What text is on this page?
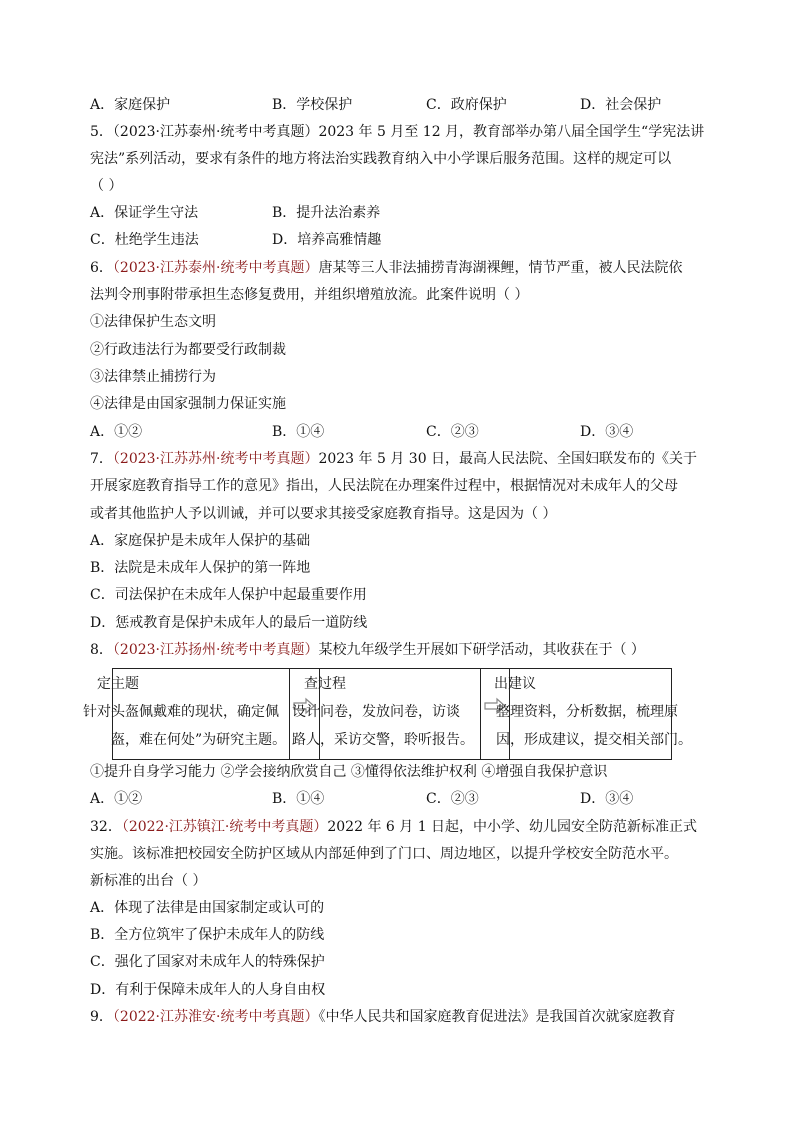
A．家庭保护	B．学校保护	C．政府保护	D．社会保护
5．（2023·江苏泰州·统考中考真题）2023 年 5 月至 12 月，教育部举办第八届全国学生“学宪法讲
宪法”系列活动，要求有条件的地方将法治实践教育纳入中小学课后服务范围。这样的规定可以
（ ）
A．保证学生守法	B．提升法治素养
C．杜绝学生违法	D．培养高雅情趣
6．（2023·江苏泰州·统考中考真题）唐某等三人非法捕捞青海湖裸鲤，情节严重，被人民法院依
法判令刑事附带承担生态修复费用，并组织增殖放流。此案件说明（ ）
①法律保护生态文明
②行政违法行为都要受行政制裁
③法律禁止捕捞行为
④法律是由国家强制力保证实施
A．①②	B．①④	C．②③	D．③④
7．（2023·江苏苏州·统考中考真题）2023 年 5 月 30 日，最高人民法院、全国妇联发布的《关于
开展家庭教育指导工作的意见》指出，人民法院在办理案件过程中，根据情况对未成年人的父母
或者其他监护人予以训诫，并可以要求其接受家庭教育指导。这是因为（ ）
A．家庭保护是未成年人保护的基础
B．法院是未成年人保护的第一阵地
C．司法保护在未成年人保护中起最重要作用
D．惩戒教育是保护未成年人的最后一道防线
8．（2023·江苏扬州·统考中考真题）某校九年级学生开展如下研学活动，其收获在于（ ）
①提升自身学习能力 ②学会接纳欣赏自己 ③懂得依法维护权利 ④增强自我保护意识
A．①②	B．①④	C．②③	D．③④
32．（2022·江苏镇江·统考中考真题）2022 年 6 月 1 日起，中小学、幼儿园安全防范新标准正式
实施。该标准把校园安全防护区域从内部延伸到了门口、周边地区，以提升学校安全防范水平。
新标准的出台（ ）
A．体现了法律是由国家制定或认可的
B．全方位筑牢了保护未成年人的防线
C．强化了国家对未成年人的特殊保护
D．有利于保障未成年人的人身自由权
9．（2022·江苏淮安·统考中考真题）《中华人民共和国家庭教育促进法》是我国首次就家庭教育
定主题
针对头盔佩戴难的现状，确定佩
盔，难在何处”为研究主题。
查过程
设计问卷，发放问卷，访谈
路人，采访交警，聆听报告。
出建议
整理资料，分析数据，梳理原
因，形成建议，提交相关部门。
